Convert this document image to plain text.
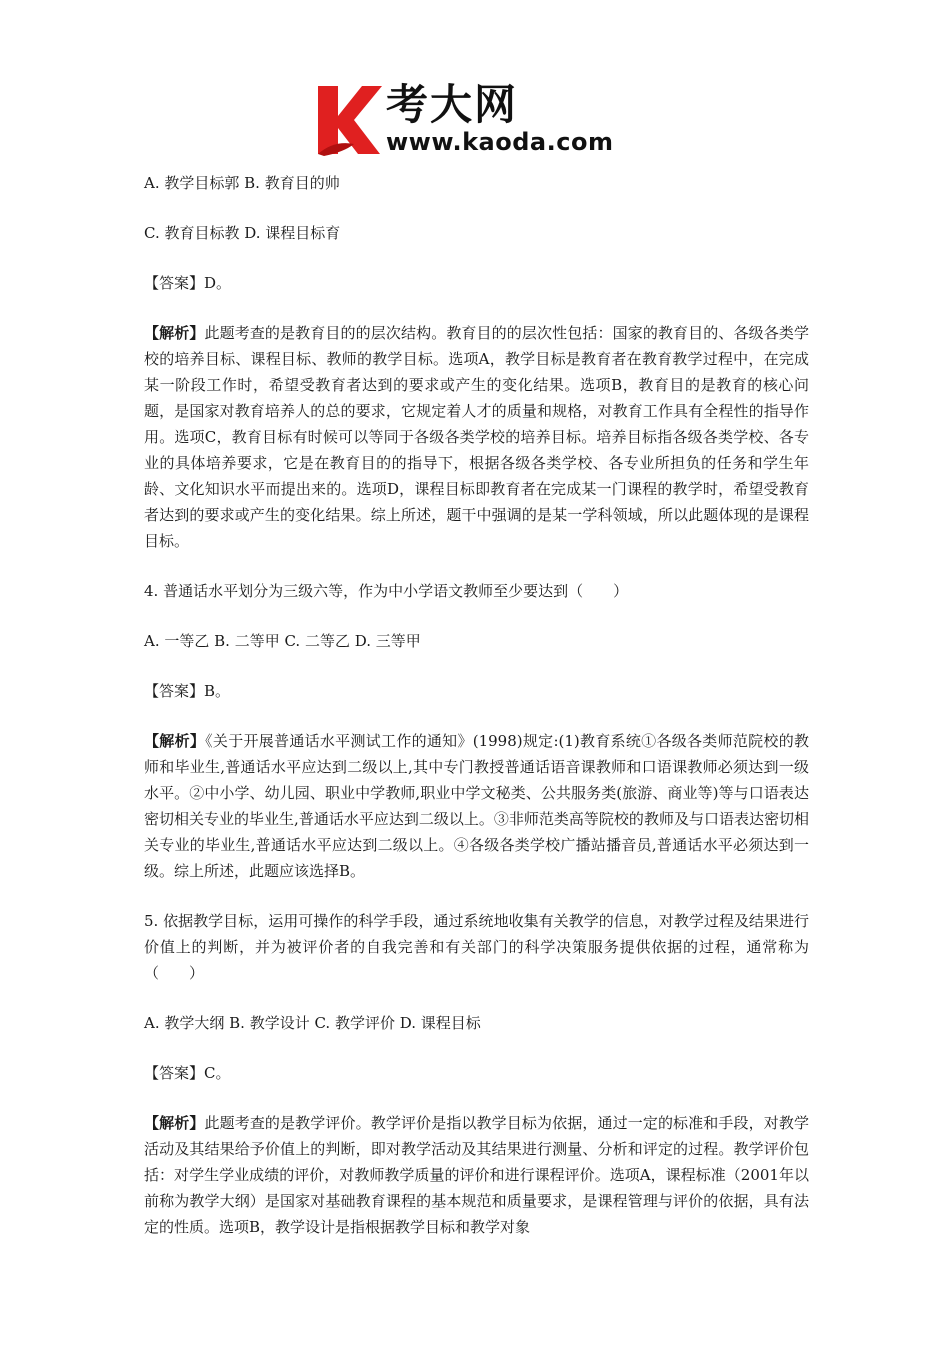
考大网
www.kaoda.com

A. 教学目标郭 B. 教育目的帅

C. 教育目标教 D. 课程目标育

【答案】D。

【解析】此题考查的是教育目的的层次结构。教育目的的层次性包括：国家的教育目的、各级各类学校的培养目标、课程目标、教师的教学目标。选项A，教学目标是教育者在教育教学过程中，在完成某一阶段工作时，希望受教育者达到的要求或产生的变化结果。选项B，教育目的是教育的核心问题，是国家对教育培养人的总的要求，它规定着人才的质量和规格，对教育工作具有全程性的指导作用。选项C，教育目标有时候可以等同于各级各类学校的培养目标。培养目标指各级各类学校、各专业的具体培养要求，它是在教育目的的指导下，根据各级各类学校、各专业所担负的任务和学生年龄、文化知识水平而提出来的。选项D，课程目标即教育者在完成某一门课程的教学时，希望受教育者达到的要求或产生的变化结果。综上所述，题干中强调的是某一学科领域，所以此题体现的是课程目标。

4. 普通话水平划分为三级六等，作为中小学语文教师至少要达到（　　）

A. 一等乙 B. 二等甲 C. 二等乙 D. 三等甲

【答案】B。

【解析】《关于开展普通话水平测试工作的通知》(1998)规定:(1)教育系统①各级各类师范院校的教师和毕业生,普通话水平应达到二级以上,其中专门教授普通话语音课教师和口语课教师必须达到一级水平。②中小学、幼儿园、职业中学教师,职业中学文秘类、公共服务类(旅游、商业等)等与口语表达密切相关专业的毕业生,普通话水平应达到二级以上。③非师范类高等院校的教师及与口语表达密切相关专业的毕业生,普通话水平应达到二级以上。④各级各类学校广播站播音员,普通话水平必须达到一级。综上所述，此题应该选择B。

5. 依据教学目标，运用可操作的科学手段，通过系统地收集有关教学的信息，对教学过程及结果进行价值上的判断，并为被评价者的自我完善和有关部门的科学决策服务提供依据的过程，通常称为（　　）

A. 教学大纲 B. 教学设计 C. 教学评价 D. 课程目标

【答案】C。

【解析】此题考查的是教学评价。教学评价是指以教学目标为依据，通过一定的标准和手段，对教学活动及其结果给予价值上的判断，即对教学活动及其结果进行测量、分析和评定的过程。教学评价包括：对学生学业成绩的评价，对教师教学质量的评价和进行课程评价。选项A，课程标准（2001年以前称为教学大纲）是国家对基础教育课程的基本规范和质量要求，是课程管理与评价的依据，具有法定的性质。选项B，教学设计是指根据教学目标和教学对象
